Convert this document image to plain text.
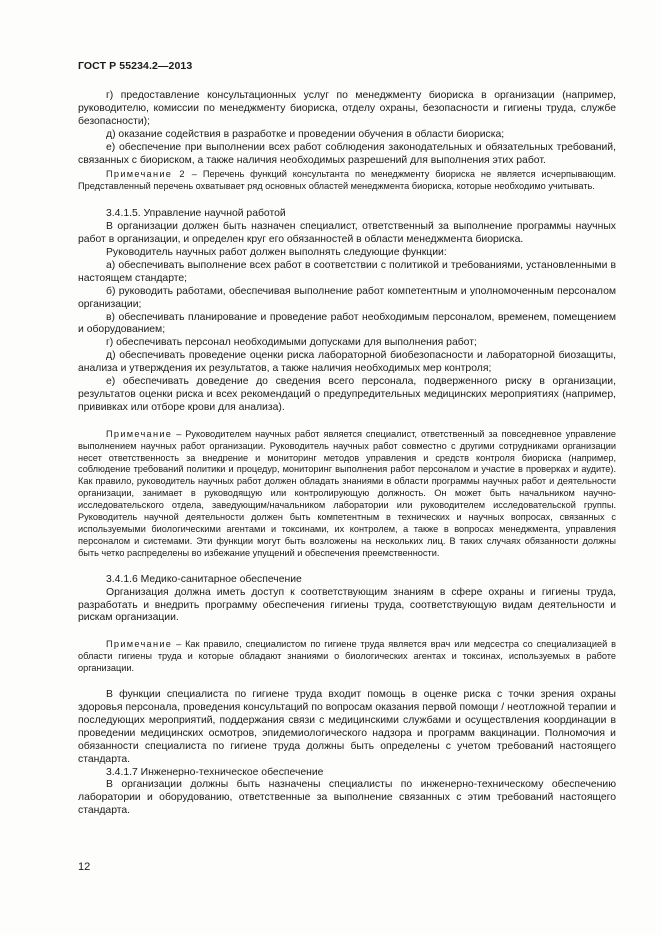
ГОСТ Р 55234.2—2013

г) предоставление консультационных услуг по менеджменту биориска в организации (например, руководителю, комиссии по менеджменту биориска, отделу охраны, безопасности и гигиены труда, службе безопасности);

д) оказание содействия в разработке и проведении обучения в области биориска;

е) обеспечение при выполнении всех работ соблюдения законодательных и обязательных требований, связанных с биориском, а также наличия необходимых разрешений для выполнения этих работ.

Примечание 2 – Перечень функций консультанта по менеджменту биориска не является исчерпывающим. Представленный перечень охватывает ряд основных областей менеджмента биориска, которые необходимо учитывать.

3.4.1.5. Управление научной работой

В организации должен быть назначен специалист, ответственный за выполнение программы научных работ в организации, и определен круг его обязанностей в области менеджмента биориска.

Руководитель научных работ должен выполнять следующие функции:

а) обеспечивать выполнение всех работ в соответствии с политикой и требованиями, установленными в настоящем стандарте;

б) руководить работами, обеспечивая выполнение работ компетентным и уполномоченным персоналом организации;

в) обеспечивать планирование и проведение работ необходимым персоналом, временем, помещением и оборудованием;

г) обеспечивать персонал необходимыми допусками для выполнения работ;

д) обеспечивать проведение оценки риска лабораторной биобезопасности и лабораторной биозащиты, анализа и утверждения их результатов, а также наличия необходимых мер контроля;

е) обеспечивать доведение до сведения всего персонала, подверженного риску в организации, результатов оценки риска и всех рекомендаций о предупредительных медицинских мероприятиях (например, прививках или отборе крови для анализа).

Примечание – Руководителем научных работ является специалист, ответственный за повседневное управление выполнением научных работ организации. Руководитель научных работ совместно с другими сотрудниками организации несет ответственность за внедрение и мониторинг методов управления и средств контроля биориска (например, соблюдение требований политики и процедур, мониторинг выполнения работ персоналом и участие в проверках и аудите). Как правило, руководитель научных работ должен обладать знаниями в области программы научных работ и деятельности организации, занимает в руководящую или контролирующую должность. Он может быть начальником научно-исследовательского отдела, заведующим/начальником лаборатории или руководителем исследовательской группы. Руководитель научной деятельности должен быть компетентным в технических и научных вопросах, связанных с используемыми биологическими агентами и токсинами, их контролем, а также в вопросах менеджмента, управления персоналом и системами. Эти функции могут быть возложены на нескольких лиц. В таких случаях обязанности должны быть четко распределены во избежание упущений и обеспечения преемственности.

3.4.1.6 Медико-санитарное обеспечение

Организация должна иметь доступ к соответствующим знаниям в сфере охраны и гигиены труда, разработать и внедрить программу обеспечения гигиены труда, соответствующую видам деятельности и рискам организации.

Примечание – Как правило, специалистом по гигиене труда является врач или медсестра со специализацией в области гигиены труда и которые обладают знаниями о биологических агентах и токсинах, используемых в работе организации.

В функции специалиста по гигиене труда входит помощь в оценке риска с точки зрения охраны здоровья персонала, проведения консультаций по вопросам оказания первой помощи / неотложной терапии и последующих мероприятий, поддержания связи с медицинскими службами и осуществления координации в проведении медицинских осмотров, эпидемиологического надзора и программ вакцинации. Полномочия и обязанности специалиста по гигиене труда должны быть определены с учетом требований настоящего стандарта.

3.4.1.7 Инженерно-техническое обеспечение

В организации должны быть назначены специалисты по инженерно-техническому обеспечению лаборатории и оборудованию, ответственные за выполнение связанных с этим требований настоящего стандарта.

12
